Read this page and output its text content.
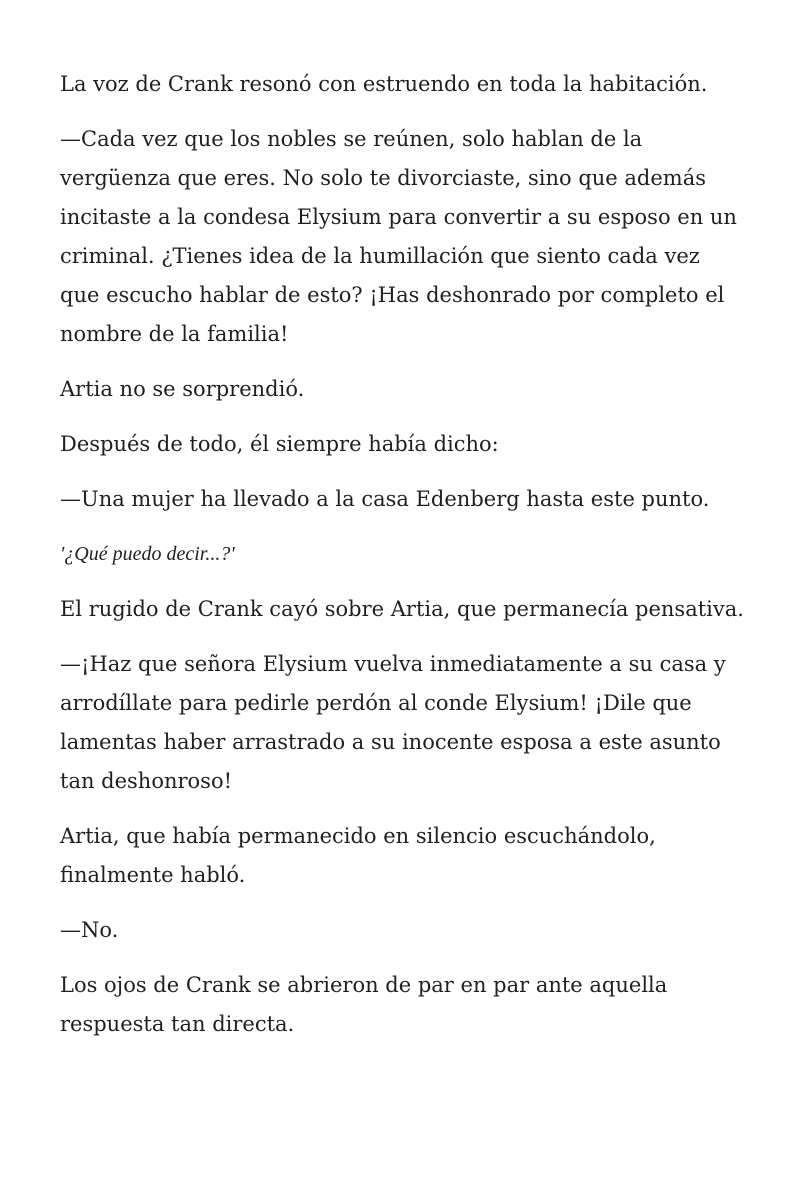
La voz de Crank resonó con estruendo en toda la habitación.

—Cada vez que los nobles se reúnen, solo hablan de la vergüenza que eres. No solo te divorciaste, sino que además incitaste a la condesa Elysium para convertir a su esposo en un criminal. ¿Tienes idea de la humillación que siento cada vez que escucho hablar de esto? ¡Has deshonrado por completo el nombre de la familia!

Artia no se sorprendió.

Después de todo, él siempre había dicho:

—Una mujer ha llevado a la casa Edenberg hasta este punto.

'¿Qué puedo decir...?'

El rugido de Crank cayó sobre Artia, que permanecía pensativa.

—¡Haz que señora Elysium vuelva inmediatamente a su casa y arrodíllate para pedirle perdón al conde Elysium! ¡Dile que lamentas haber arrastrado a su inocente esposa a este asunto tan deshonroso!

Artia, que había permanecido en silencio escuchándolo, finalmente habló.

—No.

Los ojos de Crank se abrieron de par en par ante aquella respuesta tan directa.
